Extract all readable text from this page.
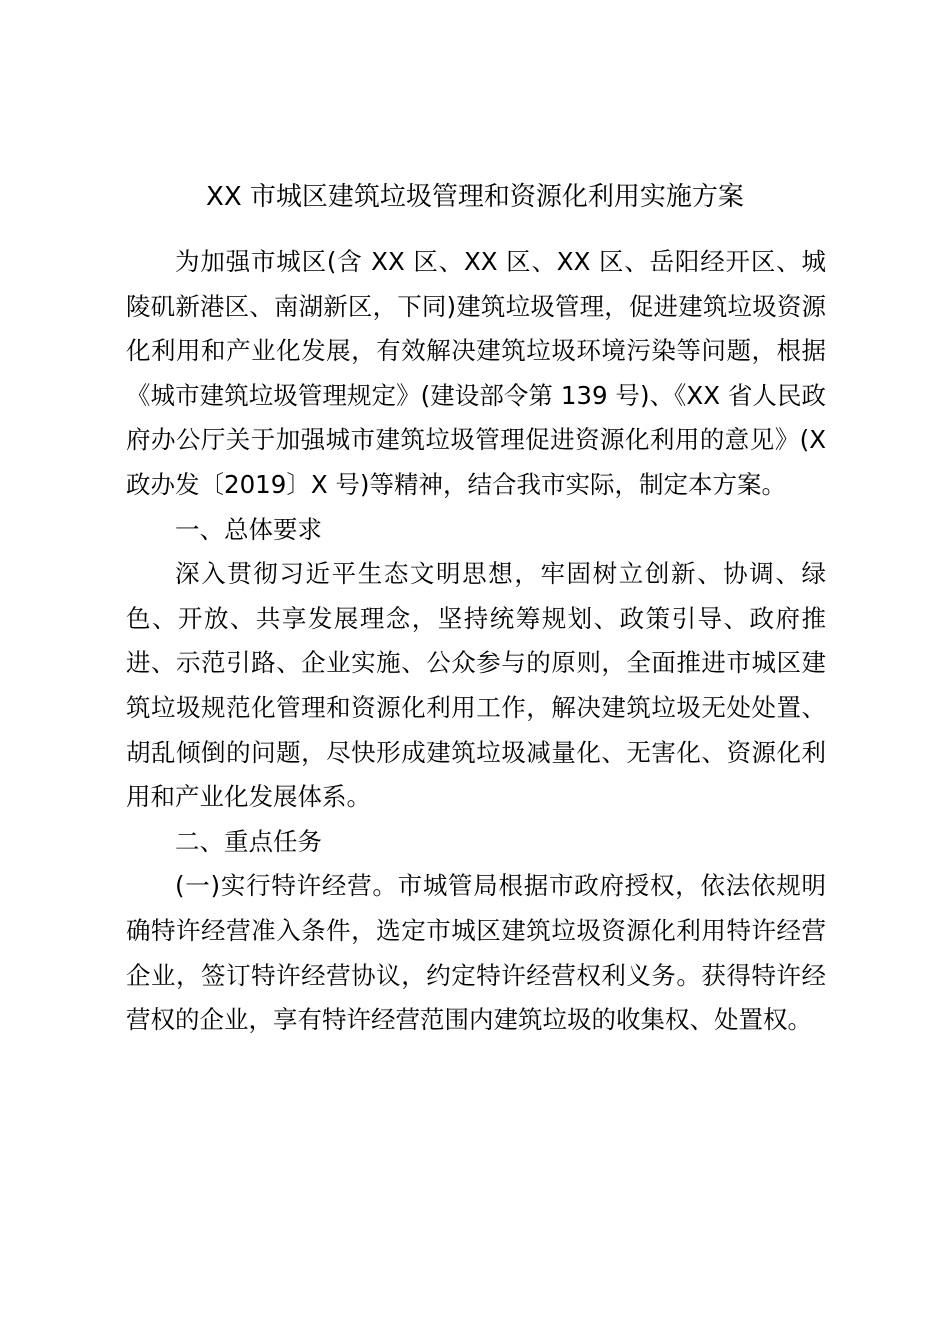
XX 市城区建筑垃圾管理和资源化利用实施方案

为加强市城区(含 XX 区、XX 区、XX 区、岳阳经开区、城陵矶新港区、南湖新区，下同)建筑垃圾管理，促进建筑垃圾资源化利用和产业化发展，有效解决建筑垃圾环境污染等问题，根据《城市建筑垃圾管理规定》(建设部令第 139 号)、《XX 省人民政府办公厅关于加强城市建筑垃圾管理促进资源化利用的意见》(X 政办发〔2019〕X 号)等精神，结合我市实际，制定本方案。

一、总体要求

深入贯彻习近平生态文明思想，牢固树立创新、协调、绿色、开放、共享发展理念，坚持统筹规划、政策引导、政府推进、示范引路、企业实施、公众参与的原则，全面推进市城区建筑垃圾规范化管理和资源化利用工作，解决建筑垃圾无处处置、胡乱倾倒的问题，尽快形成建筑垃圾减量化、无害化、资源化利用和产业化发展体系。

二、重点任务

(一)实行特许经营。市城管局根据市政府授权，依法依规明确特许经营准入条件，选定市城区建筑垃圾资源化利用特许经营企业，签订特许经营协议，约定特许经营权利义务。获得特许经营权的企业，享有特许经营范围内建筑垃圾的收集权、处置权。
